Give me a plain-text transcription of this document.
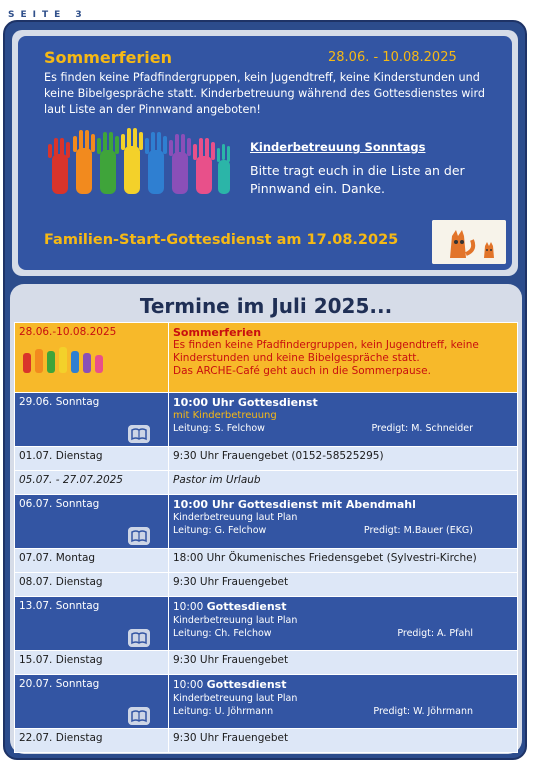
SEITE 3
Sommerferien	28.06. - 10.08.2025
Es finden keine Pfadfindergruppen, kein Jugendtreff, keine Kinderstunden und keine Bibelgespräche statt. Kinderbetreuung während des Gottesdienstes wird laut Liste an der Pinnwand angeboten!
Kinderbetreuung Sonntags
Bitte tragt euch in die Liste an der Pinnwand ein. Danke.
Familien-Start-Gottesdienst am 17.08.2025
Termine im Juli 2025...
28.06.-10.08.2025	Sommerferien
Es finden keine Pfadfindergruppen, kein Jugendtreff, keine Kinderstunden und keine Bibelgespräche statt.
Das ARCHE-Café geht auch in die Sommerpause.

29.06. Sonntag	10:00 Uhr Gottesdienst
mit Kinderbetreuung
Leitung: S. Felchow Predigt: M. Schneider

01.07. Dienstag	9:30 Uhr Frauengebet (0152-58525295)
05.07. - 27.07.2025	Pastor im Urlaub

06.07. Sonntag	10:00 Uhr Gottesdienst mit Abendmahl
Kinderbetreuung laut Plan
Leitung: G. Felchow Predigt: M.Bauer (EKG)

07.07. Montag	18:00 Uhr Ökumenisches Friedensgebet (Sylvestri-Kirche)
08.07. Dienstag	9:30 Uhr Frauengebet

13.07. Sonntag	10:00 Gottesdienst
Kinderbetreuung laut Plan
Leitung: Ch. Felchow Predigt: A. Pfahl

15.07. Dienstag	9:30 Uhr Frauengebet

20.07. Sonntag	10:00 Gottesdienst
Kinderbetreuung laut Plan
Leitung: U. Jöhrmann Predigt: W. Jöhrmann

22.07. Dienstag	9:30 Uhr Frauengebet
